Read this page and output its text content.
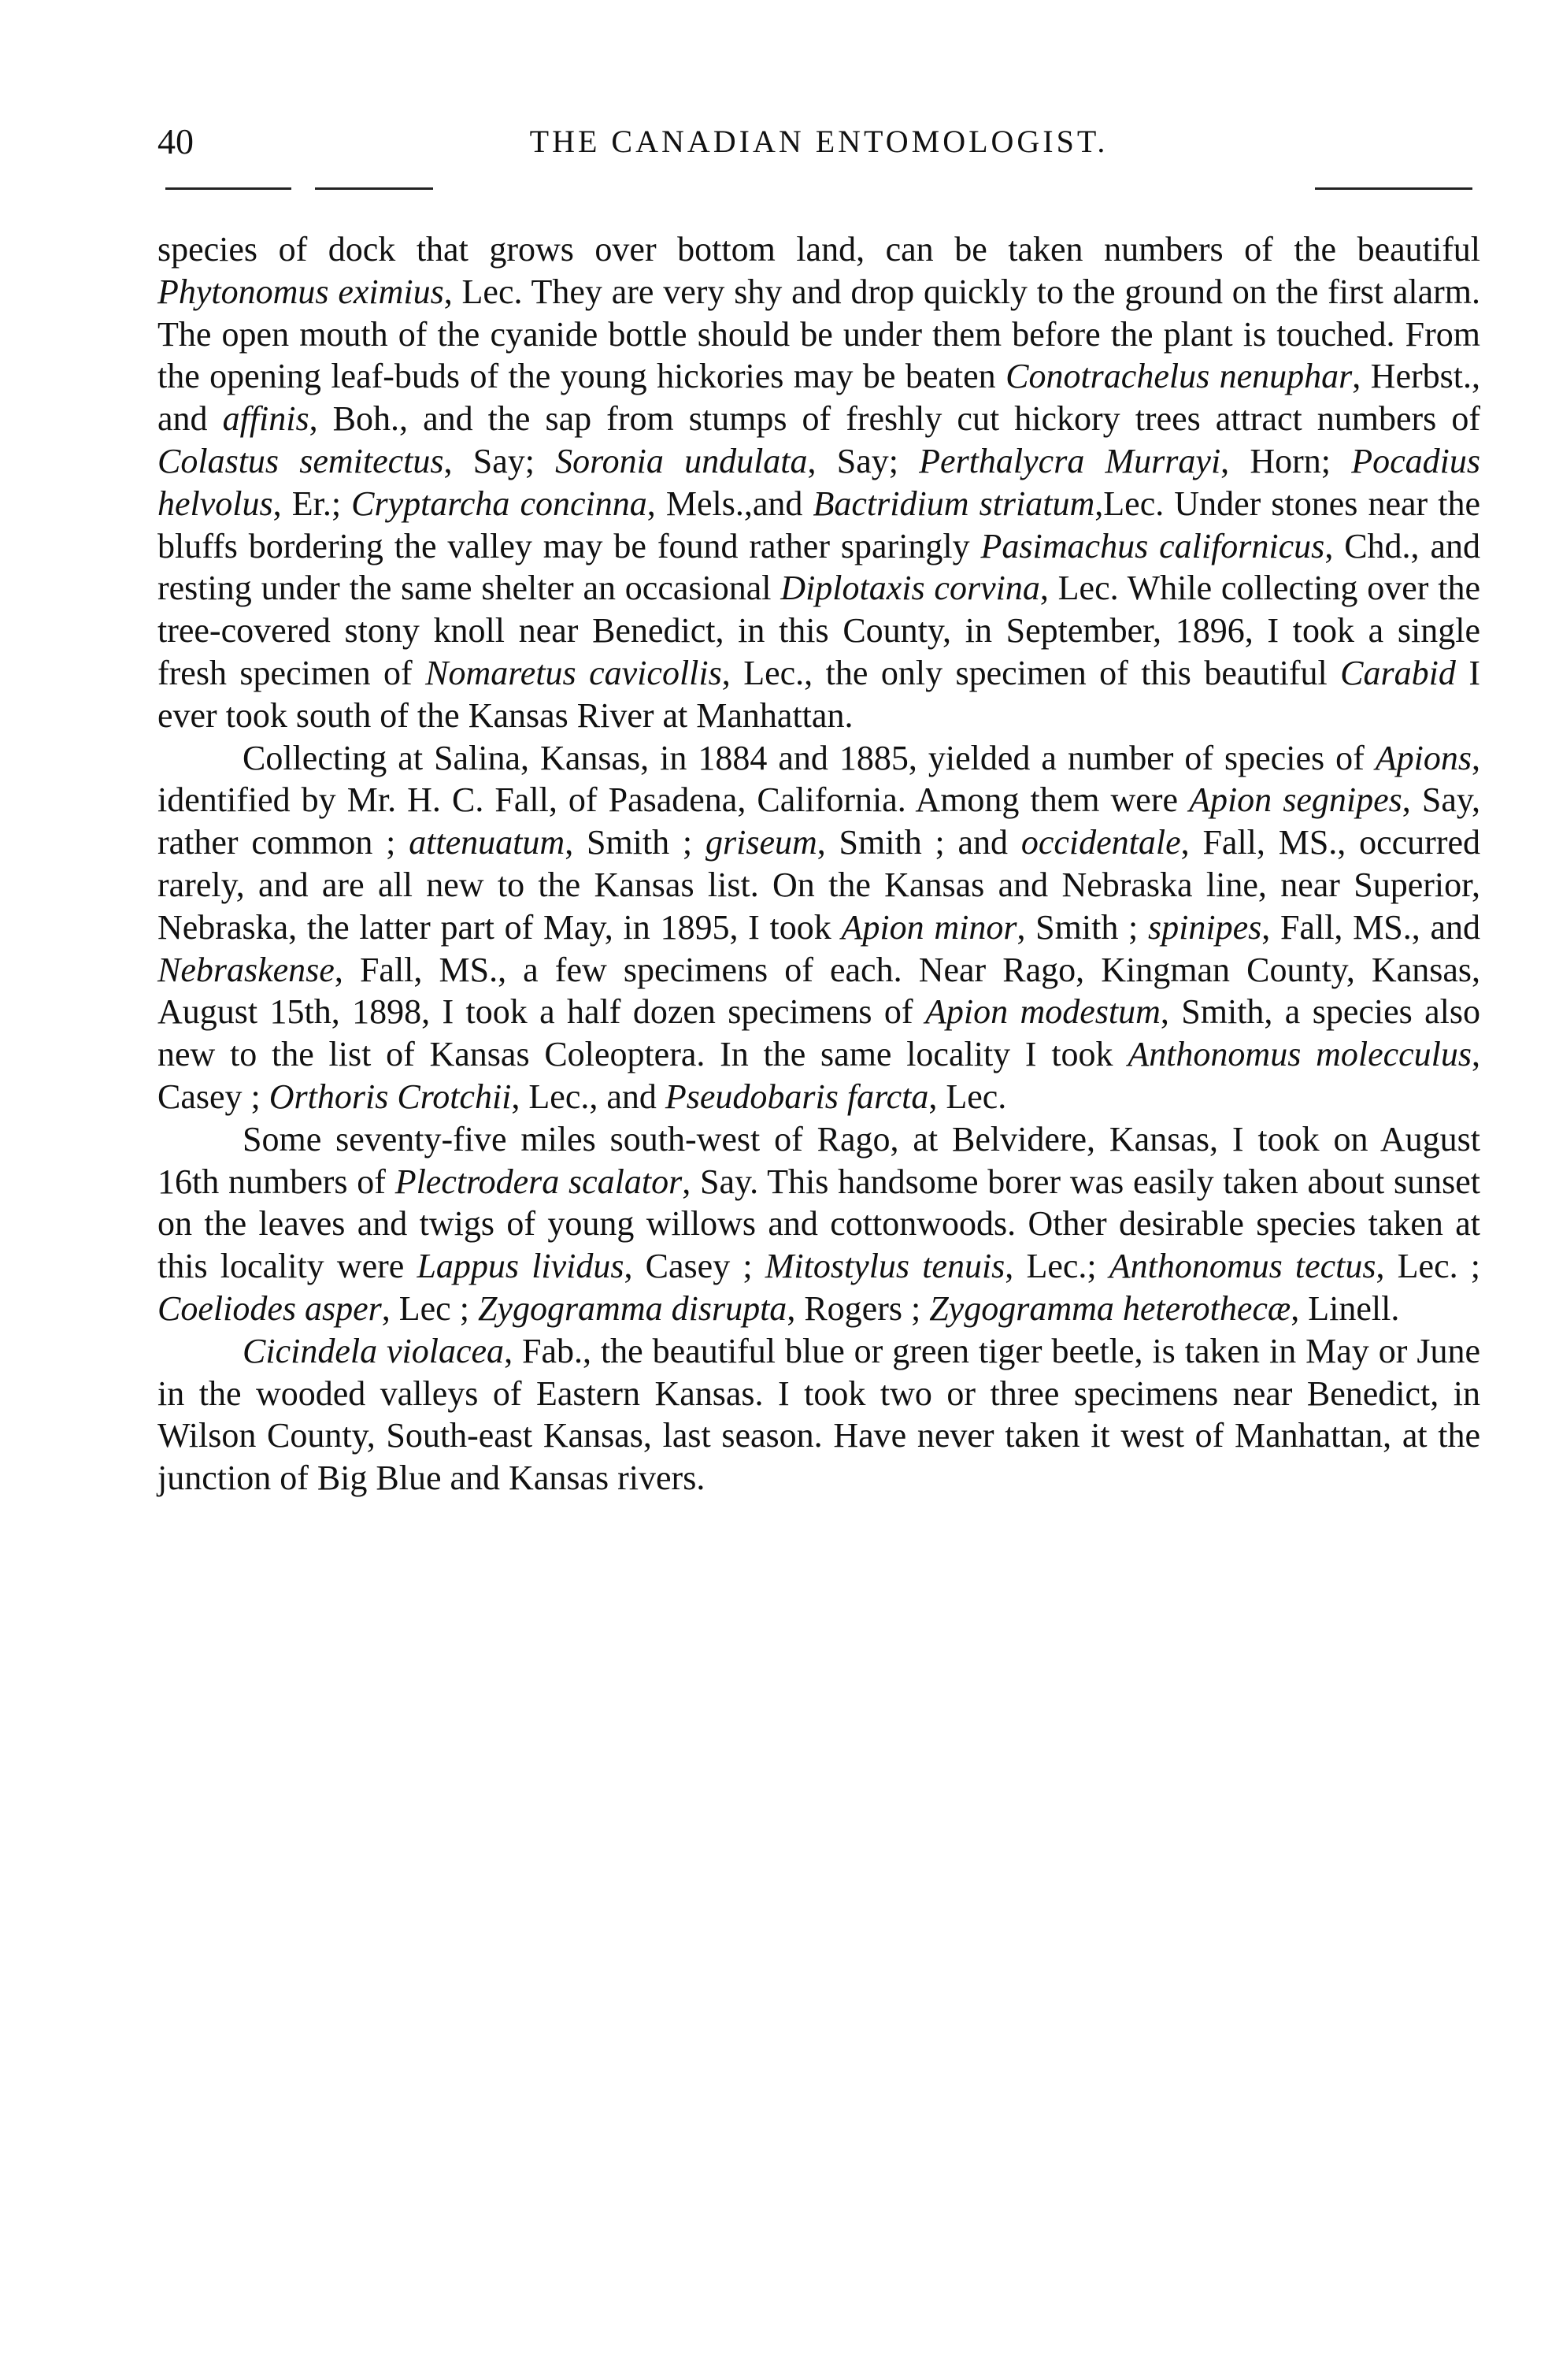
40	THE CANADIAN ENTOMOLOGIST.

species of dock that grows over bottom land, can be taken numbers of the beautiful Phytonomus eximius, Lec. They are very shy and drop quickly to the ground on the first alarm. The open mouth of the cyanide bottle should be under them before the plant is touched. From the opening leaf-buds of the young hickories may be beaten Conotrachelus nenuphar, Herbst., and affinis, Boh., and the sap from stumps of freshly cut hickory trees attract numbers of Colastus semitectus, Say; Soronia undulata, Say; Perthalycra Murrayi, Horn; Pocadius helvolus, Er.; Cryptarcha concinna, Mels.,and Bactridium striatum,Lec. Under stones near the bluffs bordering the valley may be found rather sparingly Pasimachus californicus, Chd., and resting under the same shelter an occasional Diplotaxis corvina, Lec. While collecting over the tree-covered stony knoll near Benedict, in this County, in September, 1896, I took a single fresh specimen of Nomaretus cavicollis, Lec., the only specimen of this beautiful Carabid I ever took south of the Kansas River at Manhattan.

Collecting at Salina, Kansas, in 1884 and 1885, yielded a number of species of Apions, identified by Mr. H. C. Fall, of Pasadena, California. Among them were Apion segnipes, Say, rather common ; attenuatum, Smith ; griseum, Smith ; and occidentale, Fall, MS., occurred rarely, and are all new to the Kansas list. On the Kansas and Nebraska line, near Superior, Nebraska, the latter part of May, in 1895, I took Apion minor, Smith ; spinipes, Fall, MS., and Nebraskense, Fall, MS., a few specimens of each. Near Rago, Kingman County, Kansas, August 15th, 1898, I took a half dozen specimens of Apion modestum, Smith, a species also new to the list of Kansas Coleoptera. In the same locality I took Anthonomus molecculus, Casey ; Orthoris Crotchii, Lec., and Pseudobaris farcta, Lec.

Some seventy-five miles south-west of Rago, at Belvidere, Kansas, I took on August 16th numbers of Plectrodera scalator, Say. This handsome borer was easily taken about sunset on the leaves and twigs of young willows and cottonwoods. Other desirable species taken at this locality were Lappus lividus, Casey ; Mitostylus tenuis, Lec.; Anthonomus tectus, Lec. ; Coeliodes asper, Lec ; Zygogramma disrupta, Rogers ; Zygogramma heterothecæ, Linell.

Cicindela violacea, Fab., the beautiful blue or green tiger beetle, is taken in May or June in the wooded valleys of Eastern Kansas. I took two or three specimens near Benedict, in Wilson County, South-east Kansas, last season. Have never taken it west of Manhattan, at the junction of Big Blue and Kansas rivers.
